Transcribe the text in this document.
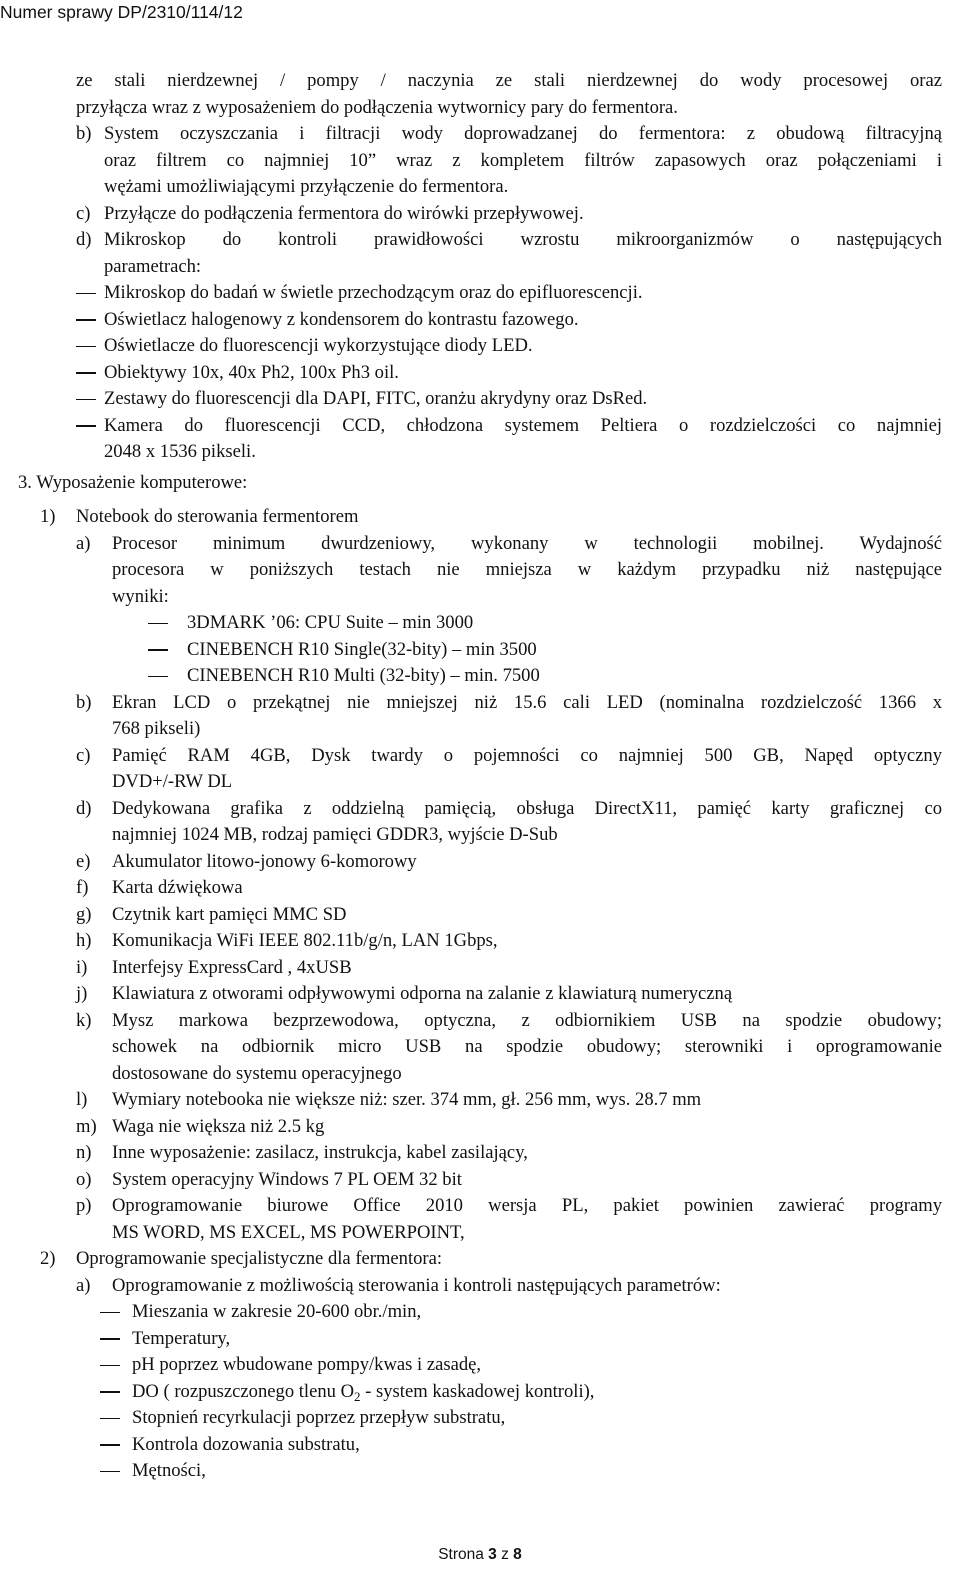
Numer sprawy DP/2310/114/12
ze stali nierdzewnej / pompy / naczynia ze stali nierdzewnej do wody procesowej oraz
przyłącza wraz z wyposażeniem do podłączenia wytwornicy pary do fermentora.
b) System oczyszczania i filtracji wody doprowadzanej do fermentora: z obudową filtracyjną
oraz filtrem co najmniej 10” wraz z kompletem filtrów zapasowych oraz połączeniami i
wężami umożliwiającymi przyłączenie do fermentora.
c) Przyłącze do podłączenia fermentora do wirówki przepływowej.
d) Mikroskop do kontroli prawidłowości wzrostu mikroorganizmów o następujących
parametrach:
Mikroskop do badań w świetle przechodzącym oraz do epifluorescencji.
Oświetlacz halogenowy z kondensorem do kontrastu fazowego.
Oświetlacze do fluorescencji wykorzystujące diody LED.
Obiektywy 10x, 40x Ph2, 100x Ph3 oil.
Zestawy do fluorescencji dla DAPI, FITC, oranżu akrydyny oraz DsRed.
Kamera do fluorescencji CCD, chłodzona systemem Peltiera o rozdzielczości co najmniej
2048 x 1536 pikseli.
3. Wyposażenie komputerowe:
1) Notebook do sterowania fermentorem
a) Procesor minimum dwurdzeniowy, wykonany w technologii mobilnej. Wydajność
procesora w poniższych testach nie mniejsza w każdym przypadku niż następujące
wyniki:
3DMARK ’06: CPU Suite – min 3000
CINEBENCH R10 Single(32-bity) – min 3500
CINEBENCH R10 Multi (32-bity) – min. 7500
b) Ekran LCD o przekątnej nie mniejszej niż 15.6 cali LED (nominalna rozdzielczość 1366 x
768 pikseli)
c) Pamięć RAM 4GB, Dysk twardy o pojemności co najmniej 500 GB, Napęd optyczny
DVD+/-RW DL
d) Dedykowana grafika z oddzielną pamięcią, obsługa DirectX11, pamięć karty graficznej co
najmniej 1024 MB, rodzaj pamięci GDDR3, wyjście D-Sub
e) Akumulator litowo-jonowy 6-komorowy
f) Karta dźwiękowa
g) Czytnik kart pamięci MMC SD
h) Komunikacja WiFi IEEE 802.11b/g/n, LAN 1Gbps,
i) Interfejsy ExpressCard , 4xUSB
j) Klawiatura z otworami odpływowymi odporna na zalanie z klawiaturą numeryczną
k) Mysz markowa bezprzewodowa, optyczna, z odbiornikiem USB na spodzie obudowy;
schowek na odbiornik micro USB na spodzie obudowy; sterowniki i oprogramowanie
dostosowane do systemu operacyjnego
l) Wymiary notebooka nie większe niż: szer. 374 mm, gł. 256 mm, wys. 28.7 mm
m) Waga nie większa niż 2.5 kg
n) Inne wyposażenie: zasilacz, instrukcja, kabel zasilający,
o) System operacyjny Windows 7 PL OEM 32 bit
p) Oprogramowanie biurowe Office 2010 wersja PL, pakiet powinien zawierać programy
MS WORD, MS EXCEL, MS POWERPOINT,
2) Oprogramowanie specjalistyczne dla fermentora:
a) Oprogramowanie z możliwością sterowania i kontroli następujących parametrów:
Mieszania w zakresie 20-600 obr./min,
Temperatury,
pH poprzez wbudowane pompy/kwas i zasadę,
DO ( rozpuszczonego tlenu $O_2$ - system kaskadowej kontroli),
Stopnień recyrkulacji poprzez przepływ substratu,
Kontrola dozowania substratu,
Mętności,
Strona 3 z 8
